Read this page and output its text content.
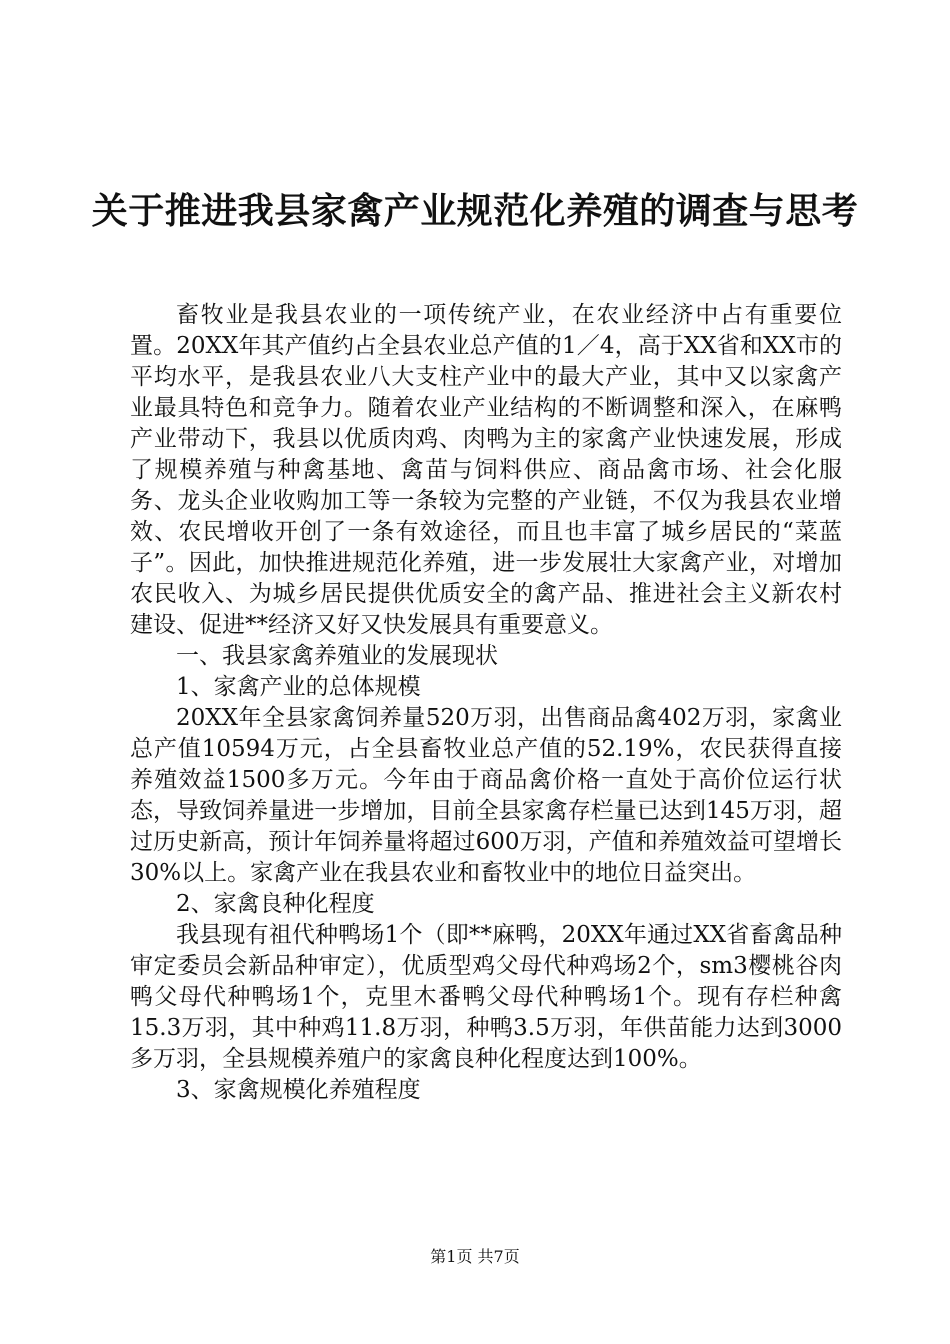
关于推进我县家禽产业规范化养殖的调查与思考

畜牧业是我县农业的一项传统产业，在农业经济中占有重要位置。20XX年其产值约占全县农业总产值的1／4，高于XX省和XX市的平均水平，是我县农业八大支柱产业中的最大产业，其中又以家禽产业最具特色和竞争力。随着农业产业结构的不断调整和深入，在麻鸭产业带动下，我县以优质肉鸡、肉鸭为主的家禽产业快速发展，形成了规模养殖与种禽基地、禽苗与饲料供应、商品禽市场、社会化服务、龙头企业收购加工等一条较为完整的产业链，不仅为我县农业增效、农民增收开创了一条有效途径，而且也丰富了城乡居民的“菜蓝子”。因此，加快推进规范化养殖，进一步发展壮大家禽产业，对增加农民收入、为城乡居民提供优质安全的禽产品、推进社会主义新农村建设、促进**经济又好又快发展具有重要意义。

一、我县家禽养殖业的发展现状

1、家禽产业的总体规模

20XX年全县家禽饲养量520万羽，出售商品禽402万羽，家禽业总产值10594万元，占全县畜牧业总产值的52.19%，农民获得直接养殖效益1500多万元。今年由于商品禽价格一直处于高价位运行状态，导致饲养量进一步增加，目前全县家禽存栏量已达到145万羽，超过历史新高，预计年饲养量将超过600万羽，产值和养殖效益可望增长30%以上。家禽产业在我县农业和畜牧业中的地位日益突出。

2、家禽良种化程度

我县现有祖代种鸭场1个（即**麻鸭，20XX年通过XX省畜禽品种审定委员会新品种审定），优质型鸡父母代种鸡场2个，sm3樱桃谷肉鸭父母代种鸭场1个，克里木番鸭父母代种鸭场1个。现有存栏种禽15.3万羽，其中种鸡11.8万羽，种鸭3.5万羽，年供苗能力达到3000多万羽，全县规模养殖户的家禽良种化程度达到100%。

3、家禽规模化养殖程度

第1页 共7页
